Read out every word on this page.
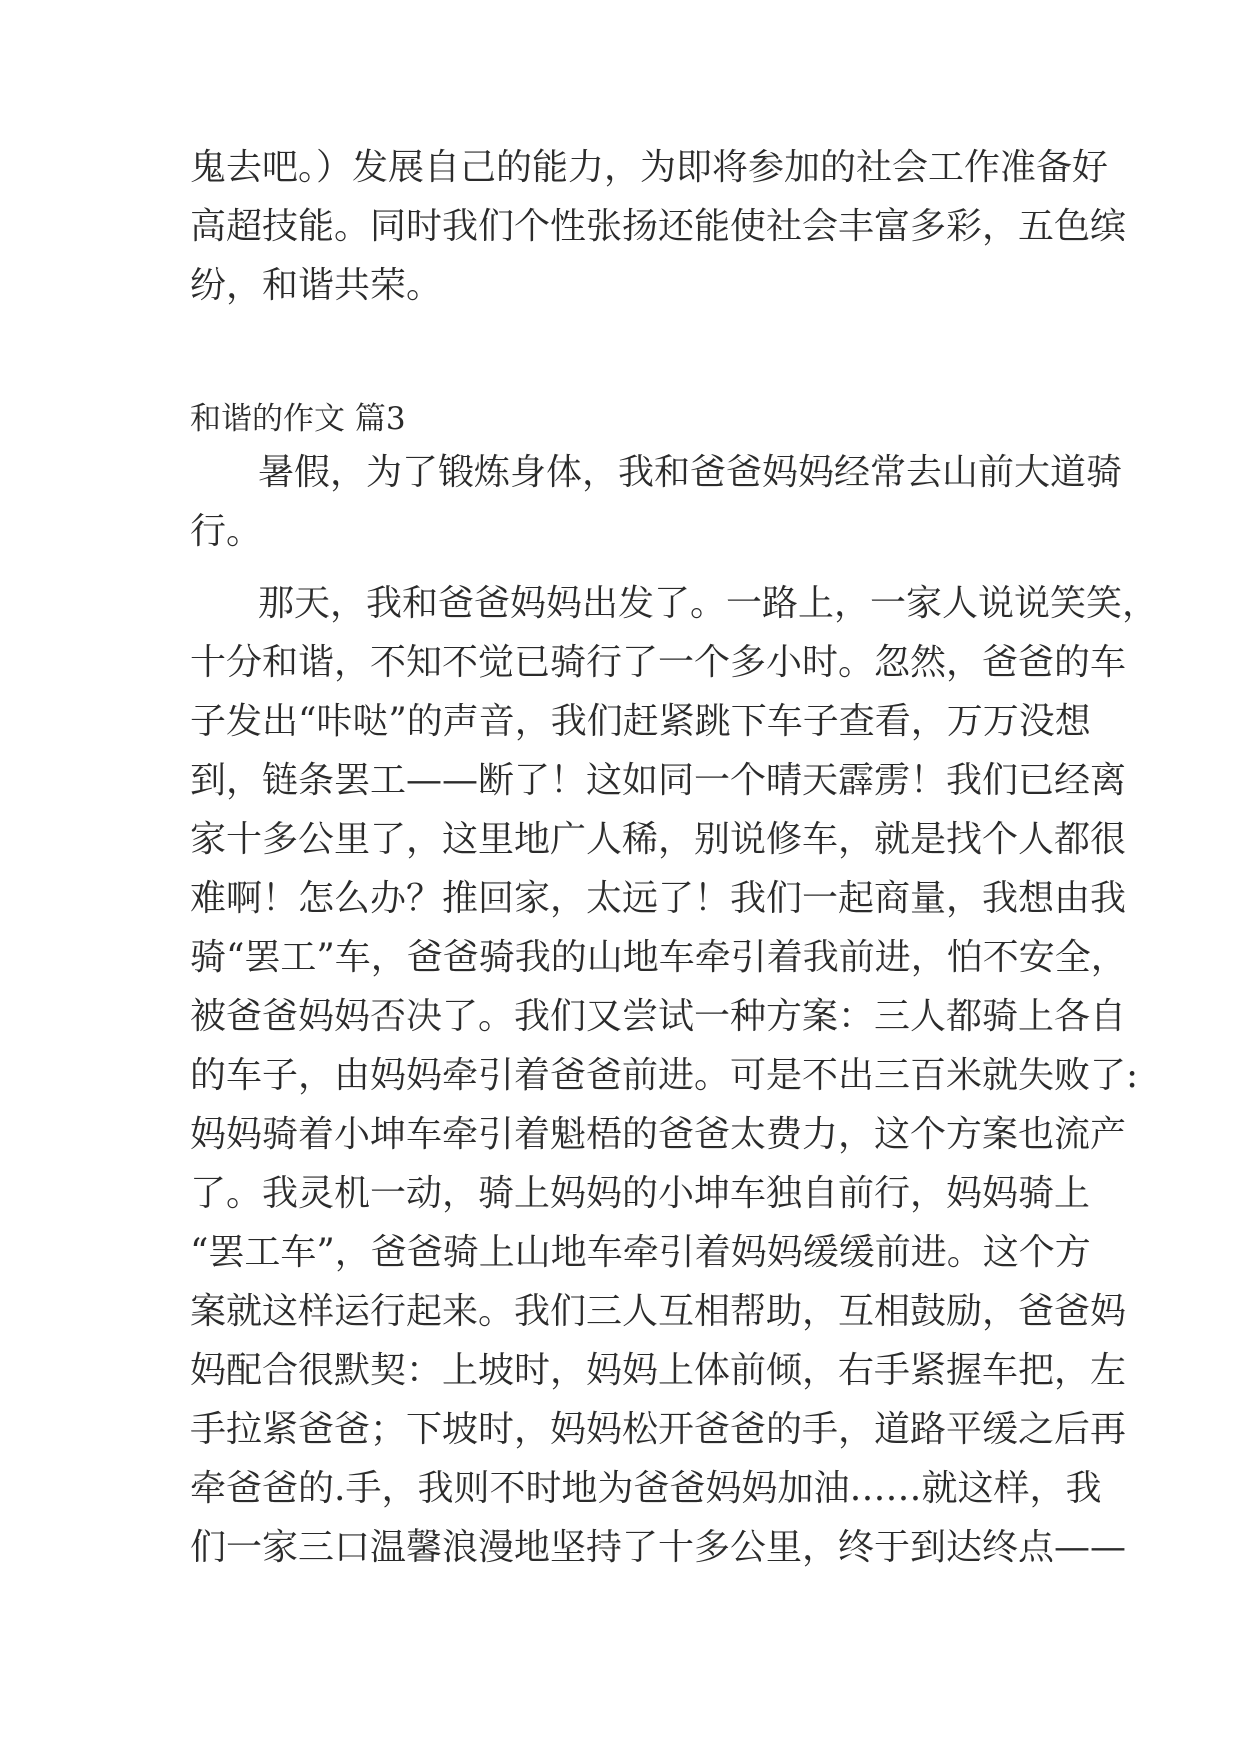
鬼去吧。）发展自己的能力，为即将参加的社会工作准备好
高超技能。同时我们个性张扬还能使社会丰富多彩，五色缤
纷，和谐共荣。
和谐的作文 篇3
暑假，为了锻炼身体，我和爸爸妈妈经常去山前大道骑
行。
那天，我和爸爸妈妈出发了。一路上，一家人说说笑笑，
十分和谐，不知不觉已骑行了一个多小时。忽然，爸爸的车
子发出“咔哒”的声音，我们赶紧跳下车子查看，万万没想
到，链条罢工——断了！这如同一个晴天霹雳！我们已经离
家十多公里了，这里地广人稀，别说修车，就是找个人都很
难啊！怎么办？推回家，太远了！我们一起商量，我想由我
骑“罢工”车，爸爸骑我的山地车牵引着我前进，怕不安全，
被爸爸妈妈否决了。我们又尝试一种方案：三人都骑上各自
的车子，由妈妈牵引着爸爸前进。可是不出三百米就失败了:
妈妈骑着小坤车牵引着魁梧的爸爸太费力，这个方案也流产
了。我灵机一动，骑上妈妈的小坤车独自前行，妈妈骑上
“罢工车”，爸爸骑上山地车牵引着妈妈缓缓前进。这个方
案就这样运行起来。我们三人互相帮助，互相鼓励，爸爸妈
妈配合很默契：上坡时，妈妈上体前倾，右手紧握车把，左
手拉紧爸爸；下坡时，妈妈松开爸爸的手，道路平缓之后再
牵爸爸的.手，我则不时地为爸爸妈妈加油……就这样，我
们一家三口温馨浪漫地坚持了十多公里，终于到达终点——
